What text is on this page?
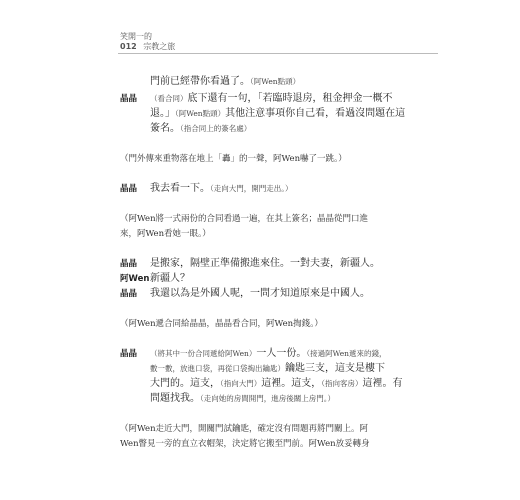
笑開一的
012 宗教之旅
門前已經帶你看過了。（阿Wen點頭）
晶晶 （看合同）底下還有一句，「若臨時退房，租金押金一概不
退。」（阿Wen點頭）其他注意事項你自己看，看過沒問題在這
簽名。（指合同上的簽名處）
（門外傳來重物落在地上「轟」的一聲，阿Wen嚇了一跳。）
晶晶 我去看一下。（走向大門，開門走出。）
（阿Wen將一式兩份的合同看過一遍，在其上簽名；晶晶從門口進
來，阿Wen看她一眼。）
晶晶 是搬家，隔壁正準備搬進來住。一對夫妻，新疆人。
阿Wen 新疆人？
晶晶 我還以為是外國人呢，一問才知道原來是中國人。
（阿Wen遞合同給晶晶，晶晶看合同，阿Wen掏錢。）
晶晶 （將其中一份合同遞給阿Wen）一人一份。（接過阿Wen遞來的錢，
數一數，放進口袋，再從口袋掏出鑰匙）鑰匙三支，這支是樓下
大門的。這支，（指向大門）這裡。這支，（指向客房）這裡。有
問題找我。（走向她的房間開門，進房後關上房門。）
（阿Wen走近大門，開關門試鑰匙，確定沒有問題再將門關上。阿
Wen瞥見一旁的直立衣帽架，決定將它搬至門前。阿Wen放妥轉身
